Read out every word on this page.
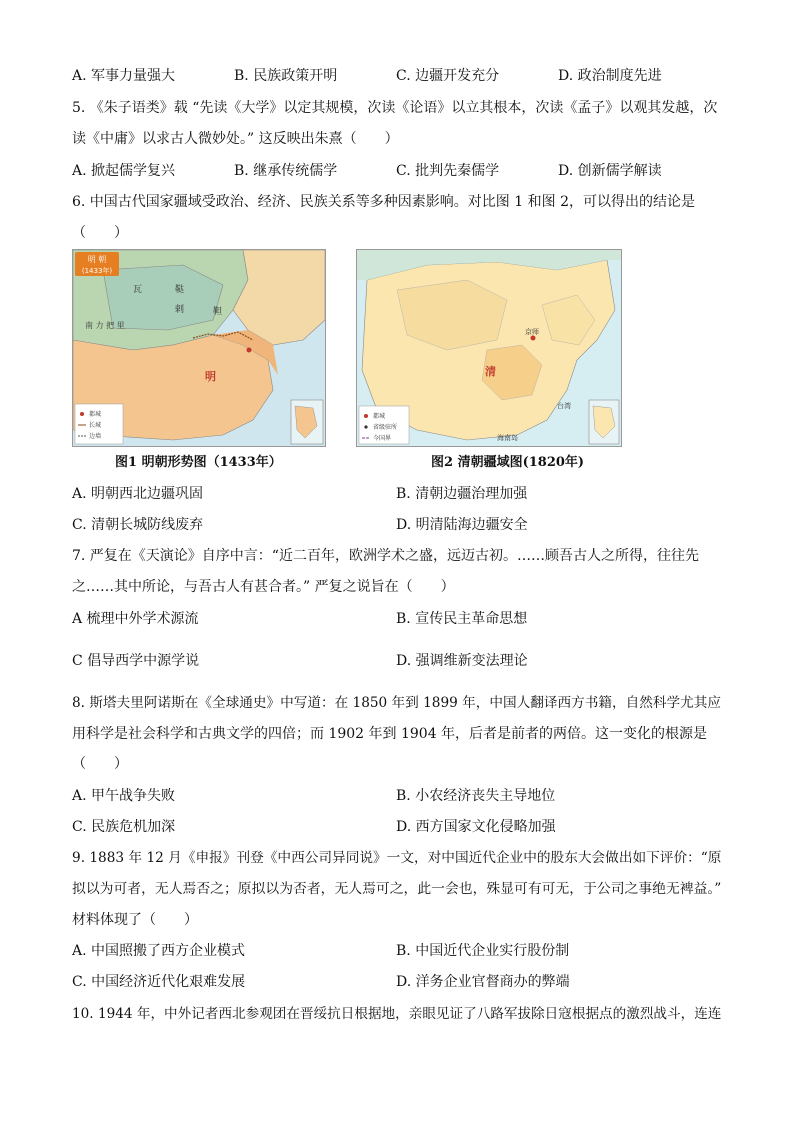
A. 军事力量强大	B. 民族政策开明	C. 边疆开发充分	D. 政治制度先进
5. 《朱子语类》载 “先读《大学》以定其规模，次读《论语》以立其根本，次读《孟子》以观其发越，次
读《中庸》以求古人微妙处。” 这反映出朱熹（　　）
A. 掀起儒学复兴	B. 继承传统儒学	C. 批判先秦儒学	D. 创新儒学解读
6. 中国古代国家疆域受政治、经济、民族关系等多种因素影响。对比图 1 和图 2，可以得出的结论是
（　　）
明 朝
(1433年)
瓦
剌
鞑
靼
南 力 把 里
明
都城
长城
边墙
清
京师
台湾
海南岛
都城
省级驻所
今国界
图1 明朝形势图（1433年）	图2 清朝疆域图(1820年)
A. 明朝西北边疆巩固	B. 清朝边疆治理加强
C. 清朝长城防线废弃	D. 明清陆海边疆安全
7. 严复在《天演论》自序中言：“近二百年，欧洲学术之盛，远迈古初。……顾吾古人之所得，往往先
之……其中所论，与吾古人有甚合者。” 严复之说旨在（　　）
A 梳理中外学术源流	B. 宣传民主革命思想
C 倡导西学中源学说	D. 强调维新变法理论
8. 斯塔夫里阿诺斯在《全球通史》中写道：在 1850 年到 1899 年，中国人翻译西方书籍，自然科学尤其应
用科学是社会科学和古典文学的四倍；而 1902 年到 1904 年，后者是前者的两倍。这一变化的根源是
（　　）
A. 甲午战争失败	B. 小农经济丧失主导地位
C. 民族危机加深	D. 西方国家文化侵略加强
9. 1883 年 12 月《申报》刊登《中西公司异同说》一文，对中国近代企业中的股东大会做出如下评价：“原
拟以为可者，无人焉否之；原拟以为否者，无人焉可之，此一会也，殊显可有可无，于公司之事绝无裨益。”
材料体现了（　　）
A. 中国照搬了西方企业模式	B. 中国近代企业实行股份制
C. 中国经济近代化艰难发展	D. 洋务企业官督商办的弊端
10. 1944 年，中外记者西北参观团在晋绥抗日根据地，亲眼见证了八路军拔除日寇根据点的激烈战斗，连连
